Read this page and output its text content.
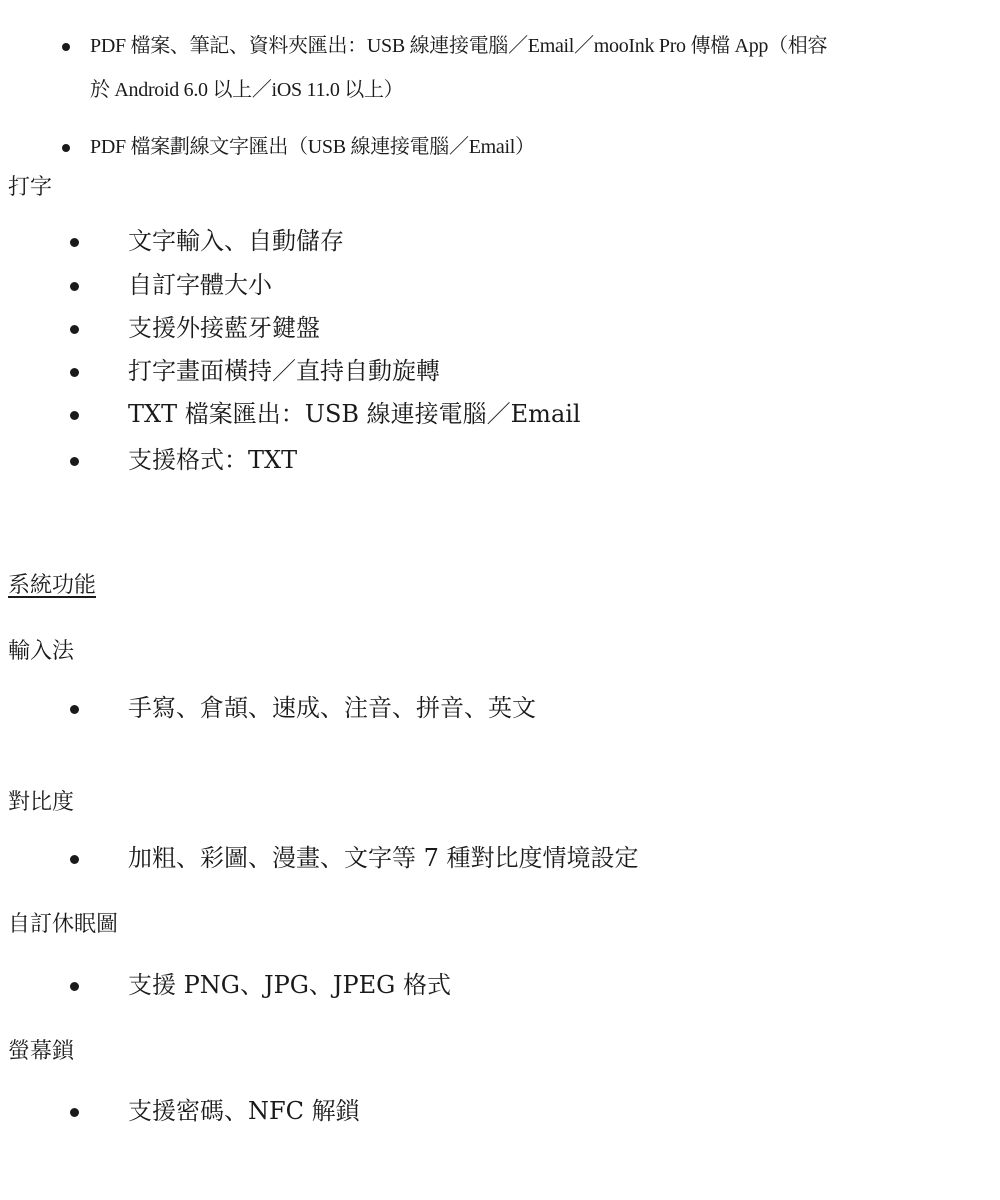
PDF 檔案、筆記、資料夾匯出：USB 線連接電腦／Email／mooInk Pro 傳檔 App（相容
於 Android 6.0 以上／iOS 11.0 以上）
PDF 檔案劃線文字匯出（USB 線連接電腦／Email）
打字
文字輸入、自動儲存
自訂字體大小
支援外接藍牙鍵盤
打字畫面橫持／直持自動旋轉
TXT 檔案匯出：USB 線連接電腦／Email
支援格式：TXT
系統功能
輸入法
手寫、倉頡、速成、注音、拼音、英文
對比度
加粗、彩圖、漫畫、文字等 7 種對比度情境設定
自訂休眠圖
支援 PNG、JPG、JPEG 格式
螢幕鎖
支援密碼、NFC 解鎖
